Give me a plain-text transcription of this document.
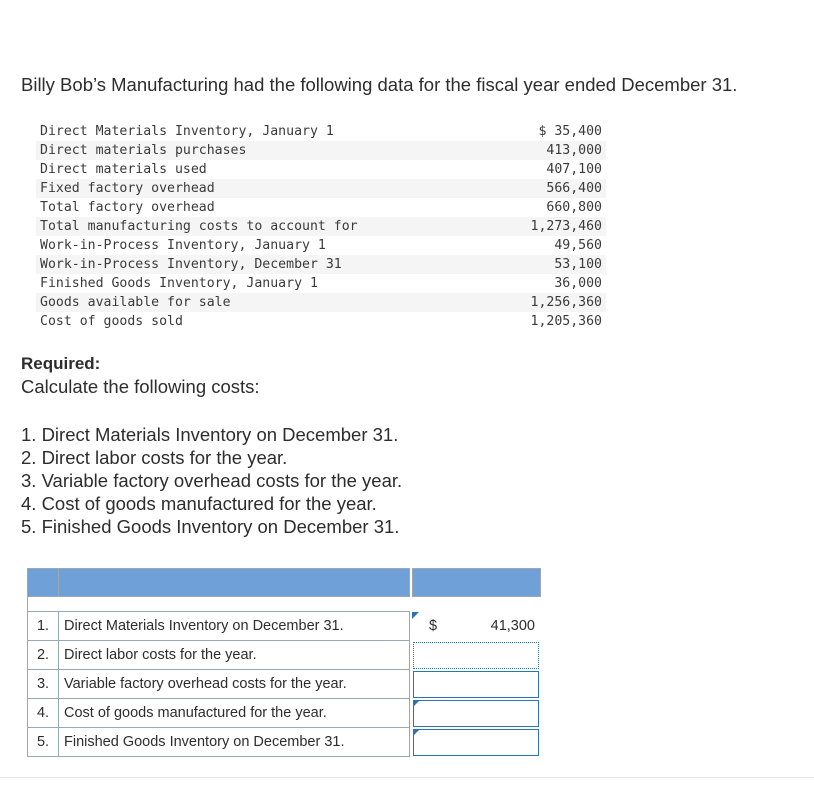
Billy Bob’s Manufacturing had the following data for the fiscal year ended December 31.
Direct Materials Inventory, January 1	$ 35,400
Direct materials purchases	413,000
Direct materials used	407,100
Fixed factory overhead	566,400
Total factory overhead	660,800
Total manufacturing costs to account for	1,273,460
Work-in-Process Inventory, January 1	49,560
Work-in-Process Inventory, December 31	53,100
Finished Goods Inventory, January 1	36,000
Goods available for sale	1,256,360
Cost of goods sold	1,205,360
Required:
Calculate the following costs:
1. Direct Materials Inventory on December 31.
2. Direct labor costs for the year.
3. Variable factory overhead costs for the year.
4. Cost of goods manufactured for the year.
5. Finished Goods Inventory on December 31.

1.	Direct Materials Inventory on December 31.		$ 41,300

2.	Direct labor costs for the year.		

3.	Variable factory overhead costs for the year.		

4.	Cost of goods manufactured for the year.		

5.	Finished Goods Inventory on December 31.		
